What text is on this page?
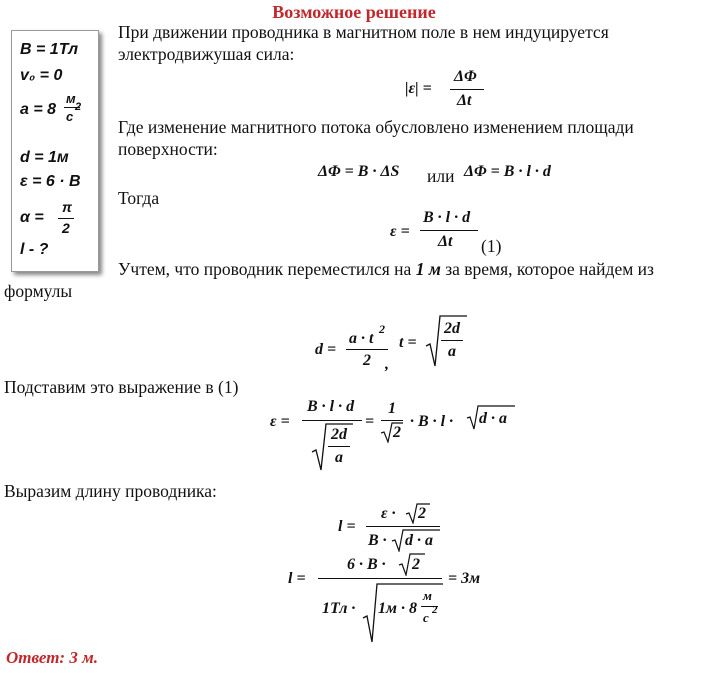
Возможное решение
B = 1Тл
v₀ = 0
a = 8
м
с
2
d = 1м
ε = 6 · B
α =
π
2
l - ?
При движении проводника в магнитном поле в нем индуцируется
электродвижушая сила:
|ε| =
ΔΦ
Δt
Где изменение магнитного потока обусловлено изменением площади
поверхности:
ΔΦ = B · ΔS или ΔΦ = B · l · d
Тогда
ε =
B · l · d
Δt (1)
Учтем, что проводник переместился на 1 м за время, которое найдем из
формулы
d =
a · t
2
2 ,
t =
2d
a
Подставим это выражение в (1)
ε =
B · l · d
2d
a
=
1
2
· B · l · d · a
Выразим длину проводника:
l =
ε · 2
B · d · a
l =
6 · B · 2
1Тл · 1м · 8
м
с 2
= 3м
Ответ: 3 м.
